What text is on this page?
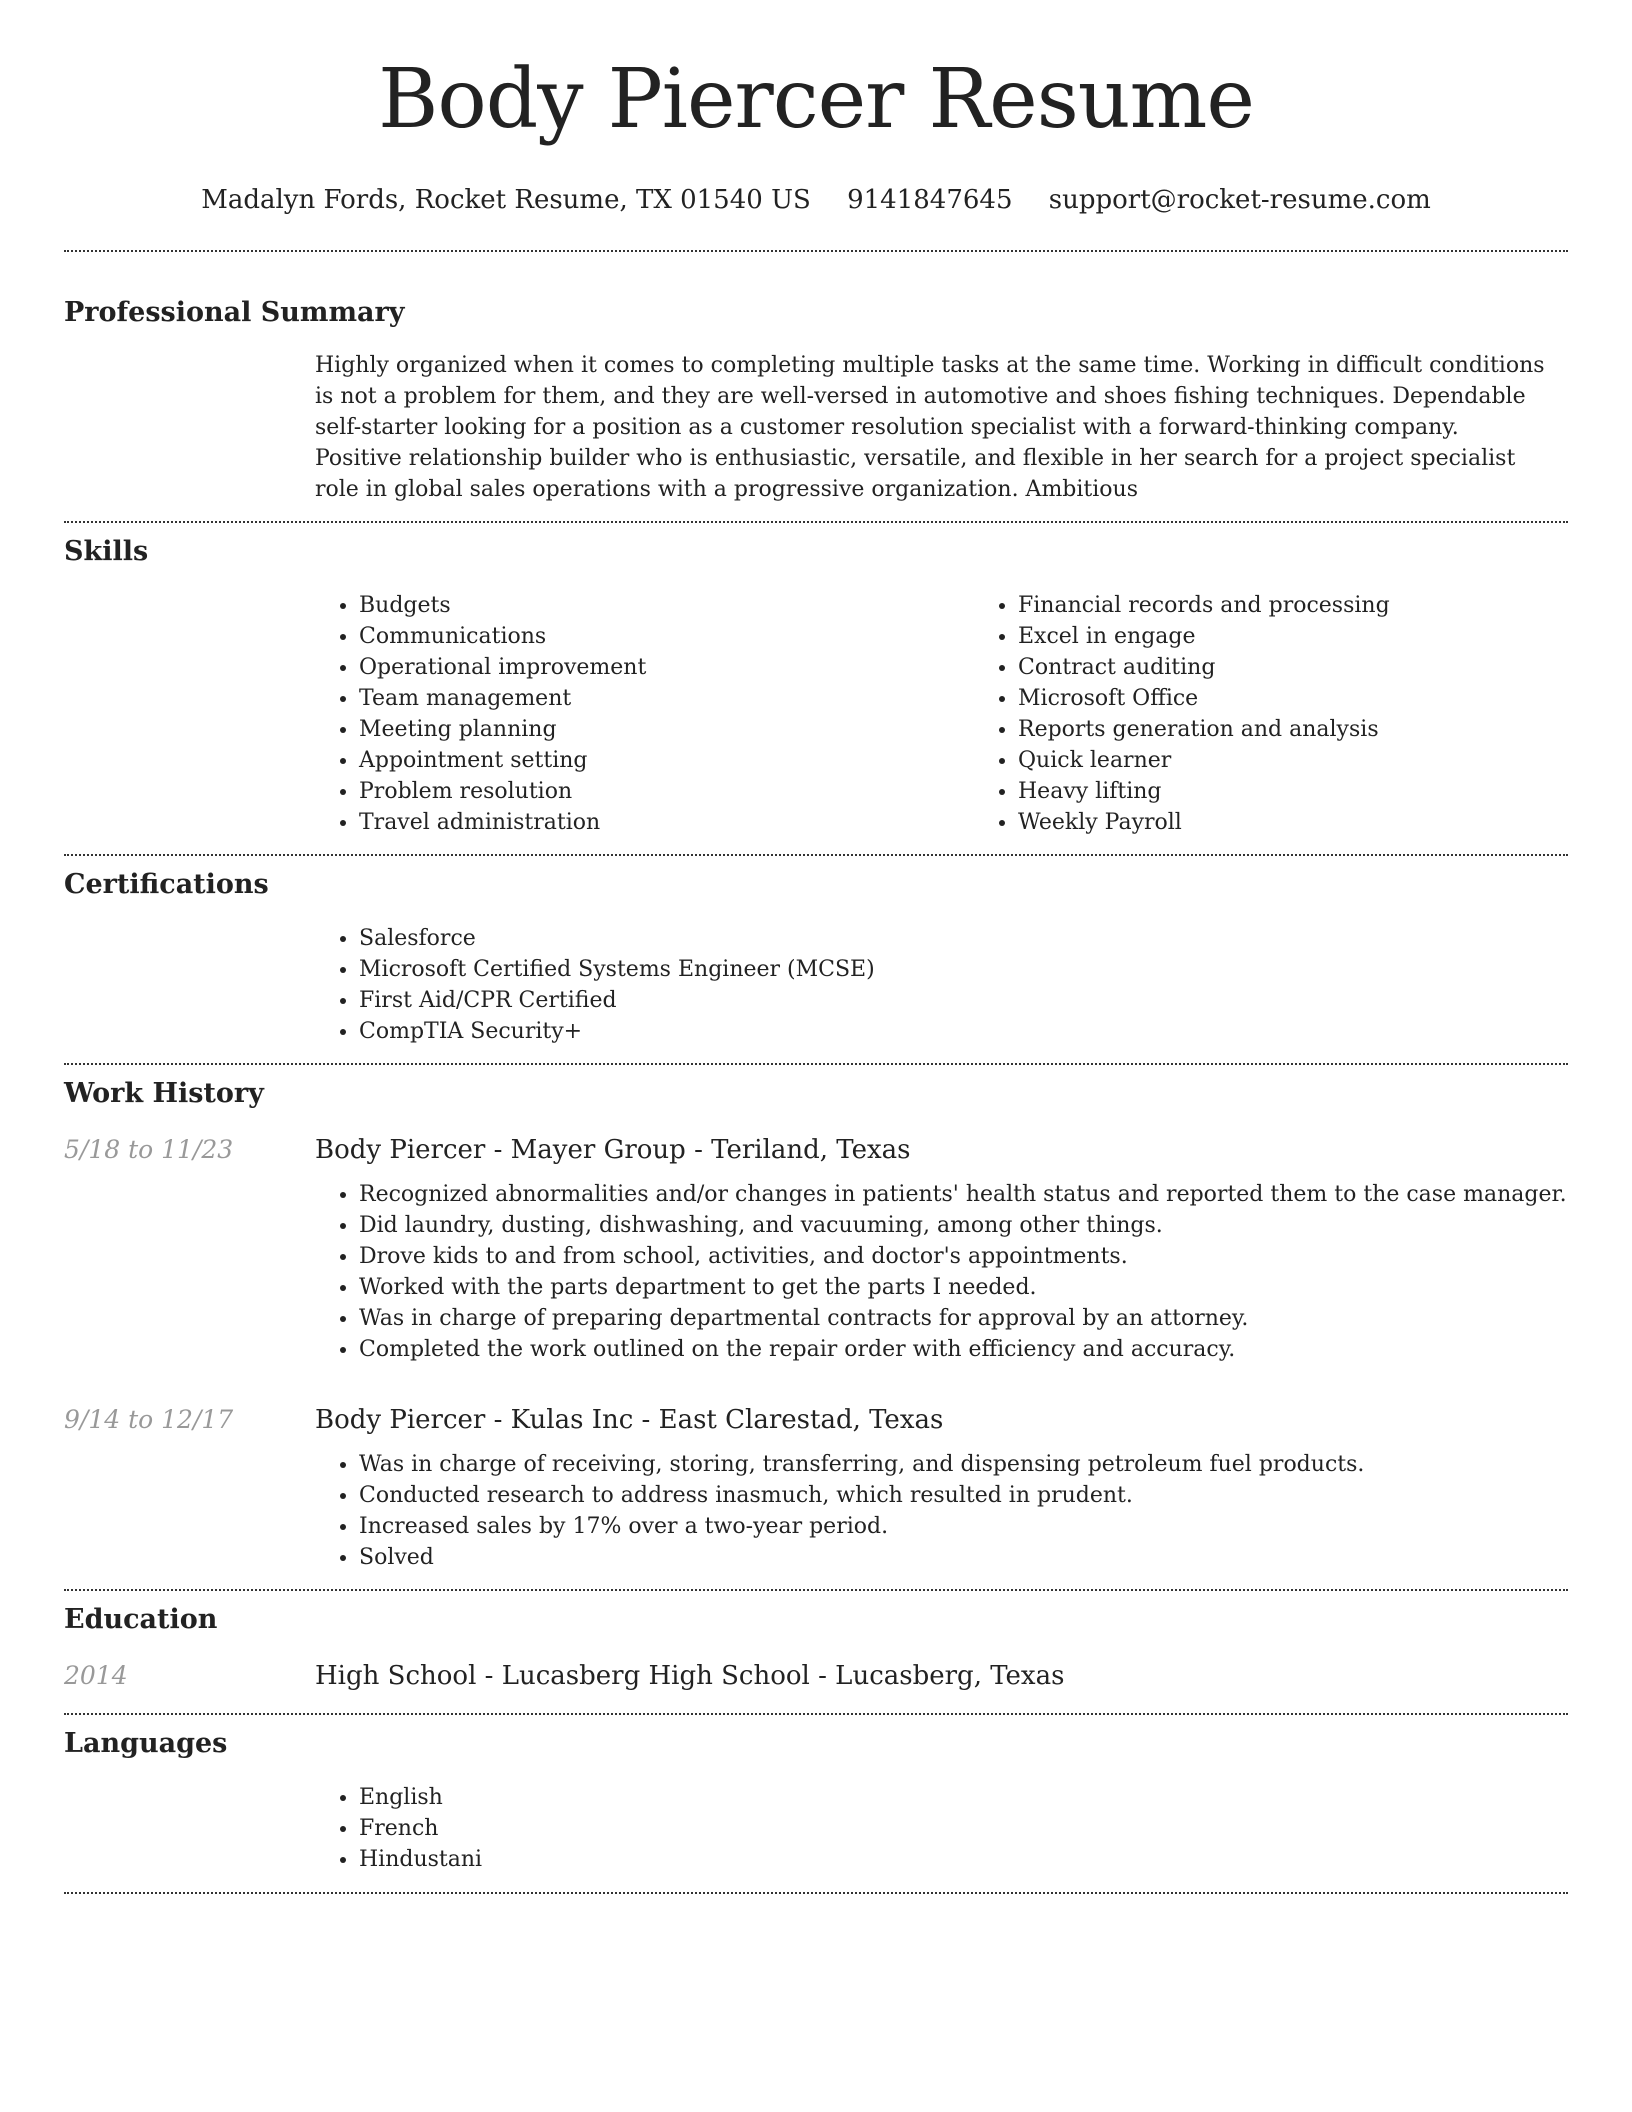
Body Piercer Resume
Madalyn Fords, Rocket Resume, TX 01540 US 9141847645 support@rocket-resume.com
Professional Summary
Highly organized when it comes to completing multiple tasks at the same time. Working in difficult conditions is not a problem for them, and they are well-versed in automotive and shoes fishing techniques. Dependable self-starter looking for a position as a customer resolution specialist with a forward-thinking company. Positive relationship builder who is enthusiastic, versatile, and flexible in her search for a project specialist role in global sales operations with a progressive organization. Ambitious
Skills
• Budgets
• Communications
• Operational improvement
• Team management
• Meeting planning
• Appointment setting
• Problem resolution
• Travel administration
• Financial records and processing
• Excel in engage
• Contract auditing
• Microsoft Office
• Reports generation and analysis
• Quick learner
• Heavy lifting
• Weekly Payroll
Certifications
• Salesforce
• Microsoft Certified Systems Engineer (MCSE)
• First Aid/CPR Certified
• CompTIA Security+
Work History
5/18 to 11/23	Body Piercer - Mayer Group - Teriland, Texas
• Recognized abnormalities and/or changes in patients' health status and reported them to the case manager.
• Did laundry, dusting, dishwashing, and vacuuming, among other things.
• Drove kids to and from school, activities, and doctor's appointments.
• Worked with the parts department to get the parts I needed.
• Was in charge of preparing departmental contracts for approval by an attorney.
• Completed the work outlined on the repair order with efficiency and accuracy.
9/14 to 12/17	Body Piercer - Kulas Inc - East Clarestad, Texas
• Was in charge of receiving, storing, transferring, and dispensing petroleum fuel products.
• Conducted research to address inasmuch, which resulted in prudent.
• Increased sales by 17% over a two-year period.
• Solved
Education
2014	High School - Lucasberg High School - Lucasberg, Texas
Languages
• English
• French
• Hindustani
